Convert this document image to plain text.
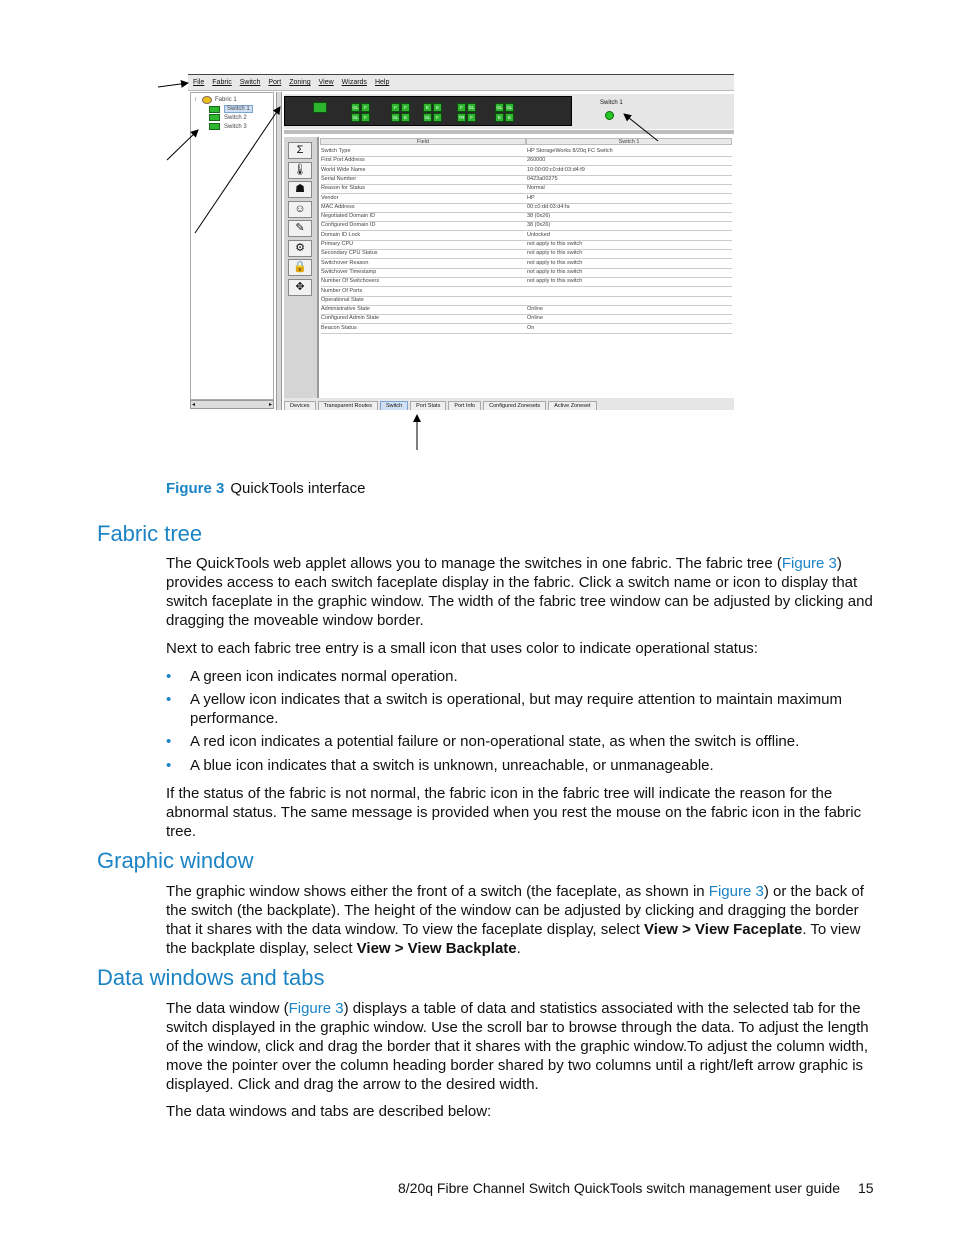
File Fabric Switch Port Zoning View Wizards Help
↑	Fabric 1
Switch 1
Switch 2
Switch 3
◂	▸
GL	F
GL	F
F	F
GL	E
E	E
GL	F
F	GL
TR	F
GL GL
E	E
Switch 1
Σ
🌡
☗
☺
✎
⚙
🔒
✥
Field	Switch 1
Switch Type	HP StorageWorks 8/20q FC Switch
First Port Address	260000
World Wide Name	10:00:00:c0:dd:03:d4:f9
Serial Number	0423a00275
Reason for Status	Normal
Vendor	HP
MAC Address	00:c0:dd:03:d4:fa
Negotiated Domain ID	38 (0x26)
Configured Domain ID	38 (0x26)
Domain ID Lock	Unlocked
Primary CPU	not apply to this switch
Secondary CPU Status	not apply to this switch
Switchover Reason	not apply to this switch
Switchover Timestamp	not apply to this switch
Number Of Switchovers	not apply to this switch
Number Of Ports
Operational State
Administrative State	Online
Configured Admin State	Online
Beacon Status	On
Devices	Transparent Routes	Switch	Port Stats	Port Info	Configured Zonesets	Active Zoneset
Figure 3 QuickTools interface
Fabric tree

The QuickTools web applet allows you to manage the switches in one fabric. The fabric tree (Figure 3) provides access to each switch faceplate display in the fabric. Click a switch name or icon to display that switch faceplate in the graphic window. The width of the fabric tree window can be adjusted by clicking and dragging the moveable window border.

Next to each fabric tree entry is a small icon that uses color to indicate operational status:

• A green icon indicates normal operation.
• A yellow icon indicates that a switch is operational, but may require attention to maintain maximum performance.
• A red icon indicates a potential failure or non-operational state, as when the switch is offline.
• A blue icon indicates that a switch is unknown, unreachable, or unmanageable.

If the status of the fabric is not normal, the fabric icon in the fabric tree will indicate the reason for the abnormal status. The same message is provided when you rest the mouse on the fabric icon in the fabric tree.

Graphic window

The graphic window shows either the front of a switch (the faceplate, as shown in Figure 3) or the back of the switch (the backplate). The height of the window can be adjusted by clicking and dragging the border that it shares with the data window. To view the faceplate display, select View > View Faceplate. To view the backplate display, select View > View Backplate.

Data windows and tabs

The data window (Figure 3) displays a table of data and statistics associated with the selected tab for the switch displayed in the graphic window. Use the scroll bar to browse through the data. To adjust the length of the window, click and drag the border that it shares with the graphic window.To adjust the column width, move the pointer over the column heading border shared by two columns until a right/left arrow graphic is displayed. Click and drag the arrow to the desired width.

The data windows and tabs are described below:

8/20q Fibre Channel Switch QuickTools switch management user guide 15
